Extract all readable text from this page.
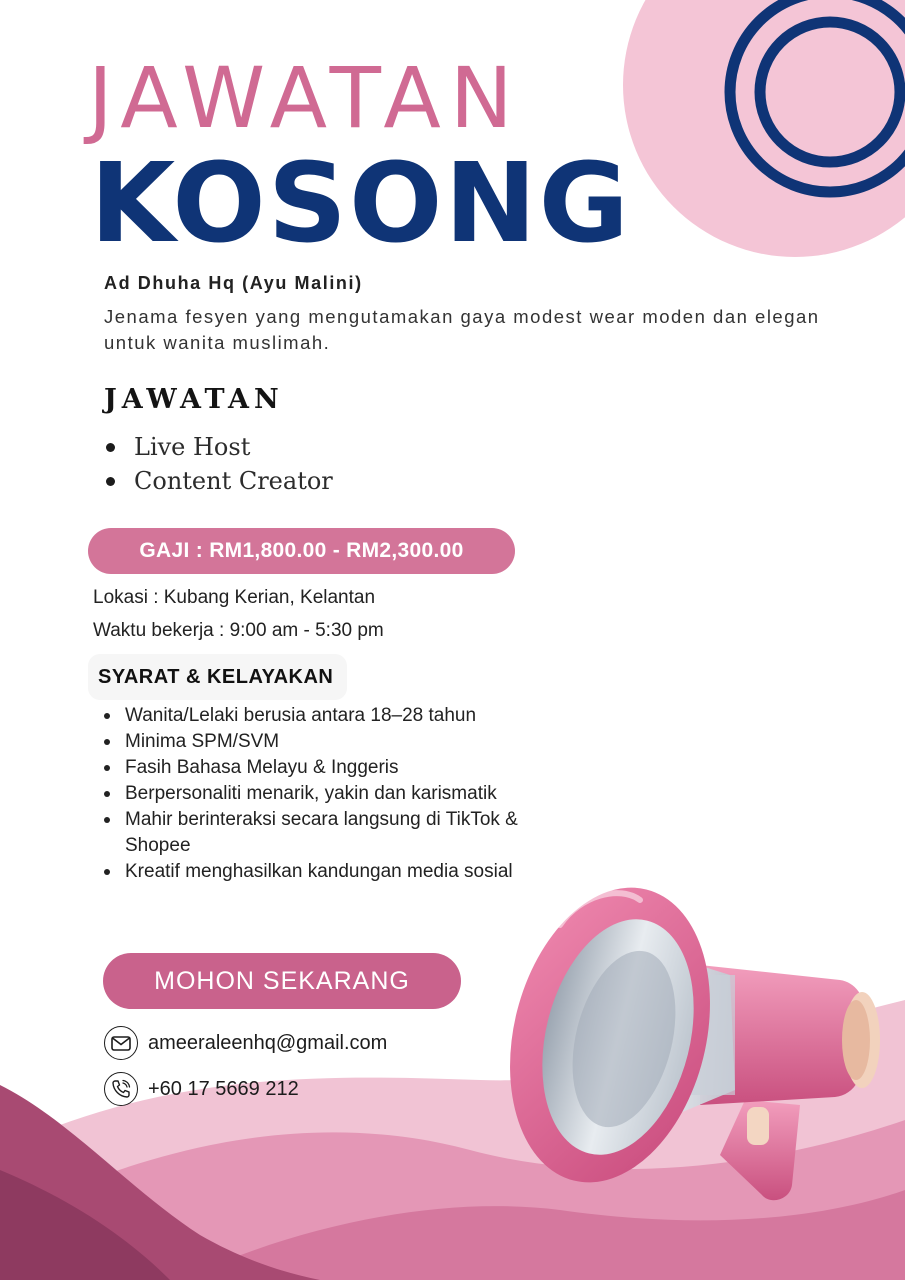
JAWATAN
KOSONG
Ad Dhuha Hq (Ayu Malini)
Jenama fesyen yang mengutamakan gaya modest wear moden dan elegan untuk wanita muslimah.
JAWATAN
Live Host
Content Creator
GAJI : RM1,800.00 - RM2,300.00
Lokasi : Kubang Kerian, Kelantan
Waktu bekerja : 9:00 am - 5:30 pm
SYARAT & KELAYAKAN
Wanita/Lelaki berusia antara 18–28 tahun
Minima SPM/SVM
Fasih Bahasa Melayu & Inggeris
Berpersonaliti menarik, yakin dan karismatik
Mahir berinteraksi secara langsung di TikTok & Shopee
Kreatif menghasilkan kandungan media sosial
MOHON SEKARANG
ameeraleenhq@gmail.com
+60 17 5669 212
